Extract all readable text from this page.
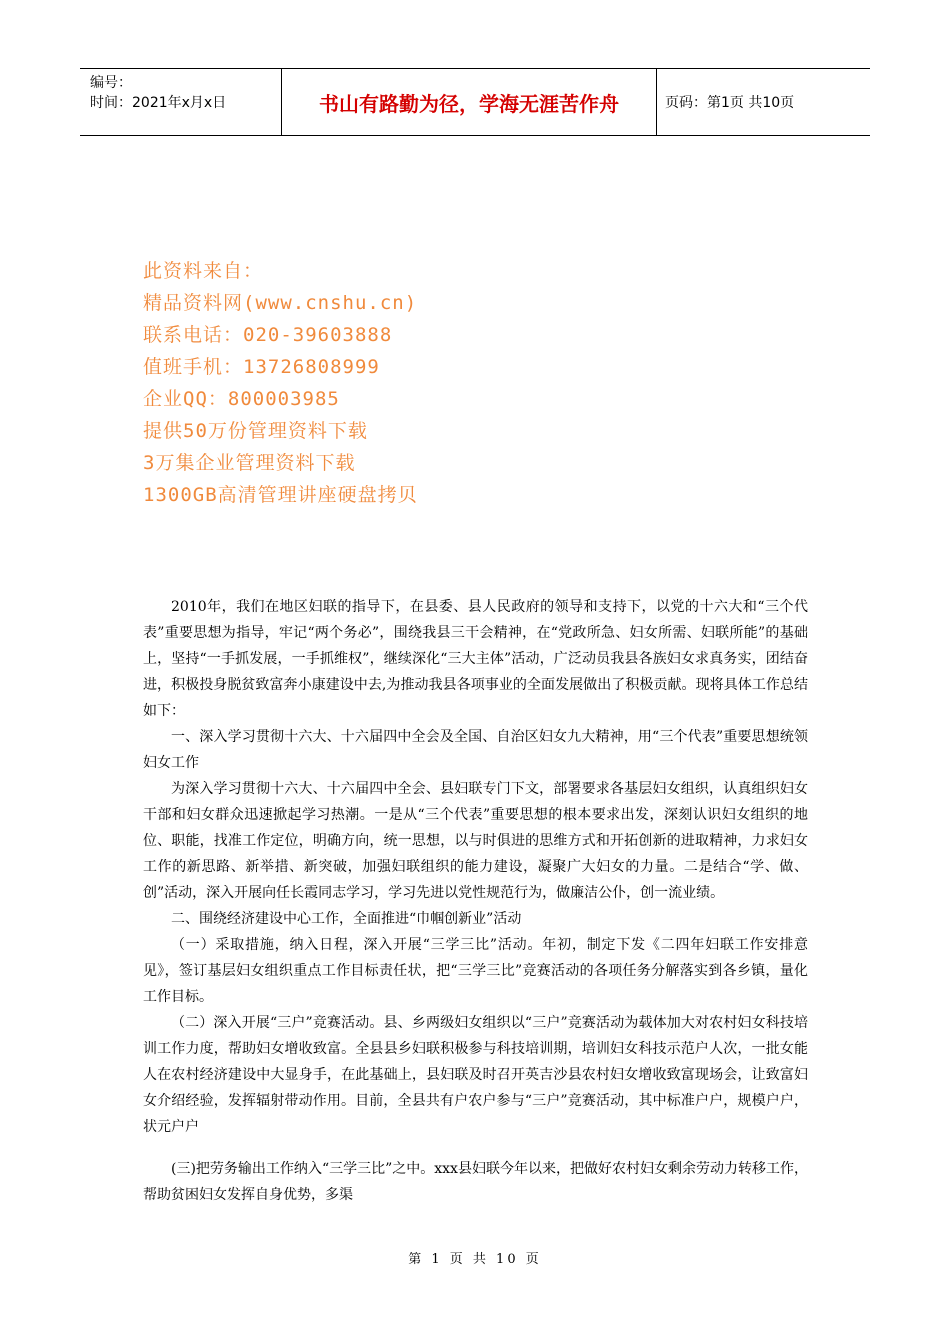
编号：
时间：2021年x月x日	书山有路勤为径，学海无涯苦作舟	页码：第1页 共10页
此资料来自：
精品资料网(www.cnshu.cn)
联系电话：020-39603888
值班手机：13726808999
企业QQ：800003985
提供50万份管理资料下载
3万集企业管理资料下载
1300GB高清管理讲座硬盘拷贝

2010年，我们在地区妇联的指导下，在县委、县人民政府的领导和支持下，以党的十六大和“三个代表”重要思想为指导，牢记“两个务必”，围绕我县三干会精神，在“党政所急、妇女所需、妇联所能”的基础上，坚持“一手抓发展，一手抓维权”，继续深化“三大主体”活动，广泛动员我县各族妇女求真务实，团结奋进，积极投身脱贫致富奔小康建设中去,为推动我县各项事业的全面发展做出了积极贡献。现将具体工作总结如下：

一、深入学习贯彻十六大、十六届四中全会及全国、自治区妇女九大精神，用“三个代表”重要思想统领妇女工作

为深入学习贯彻十六大、十六届四中全会、县妇联专门下文，部署要求各基层妇女组织，认真组织妇女干部和妇女群众迅速掀起学习热潮。一是从“三个代表”重要思想的根本要求出发，深刻认识妇女组织的地位、职能，找准工作定位，明确方向，统一思想，以与时俱进的思维方式和开拓创新的进取精神，力求妇女工作的新思路、新举措、新突破，加强妇联组织的能力建设，凝聚广大妇女的力量。二是结合“学、做、创”活动，深入开展向任长霞同志学习，学习先进以党性规范行为，做廉洁公仆，创一流业绩。

二、围绕经济建设中心工作，全面推进“巾帼创新业”活动

（一）采取措施，纳入日程，深入开展“三学三比”活动。年初，制定下发《二四年妇联工作安排意见》，签订基层妇女组织重点工作目标责任状，把“三学三比”竞赛活动的各项任务分解落实到各乡镇，量化工作目标。

（二）深入开展“三户”竞赛活动。县、乡两级妇女组织以“三户”竞赛活动为载体加大对农村妇女科技培训工作力度，帮助妇女增收致富。全县县乡妇联积极参与科技培训期，培训妇女科技示范户人次，一批女能人在农村经济建设中大显身手，在此基础上，县妇联及时召开英吉沙县农村妇女增收致富现场会，让致富妇女介绍经验，发挥辐射带动作用。目前，全县共有户农户参与“三户”竞赛活动，其中标准户户，规模户户，状元户户

(三)把劳务输出工作纳入“三学三比”之中。xxx县妇联今年以来，把做好农村妇女剩余劳动力转移工作，帮助贫困妇女发挥自身优势，多渠

第 1 页 共 10 页
